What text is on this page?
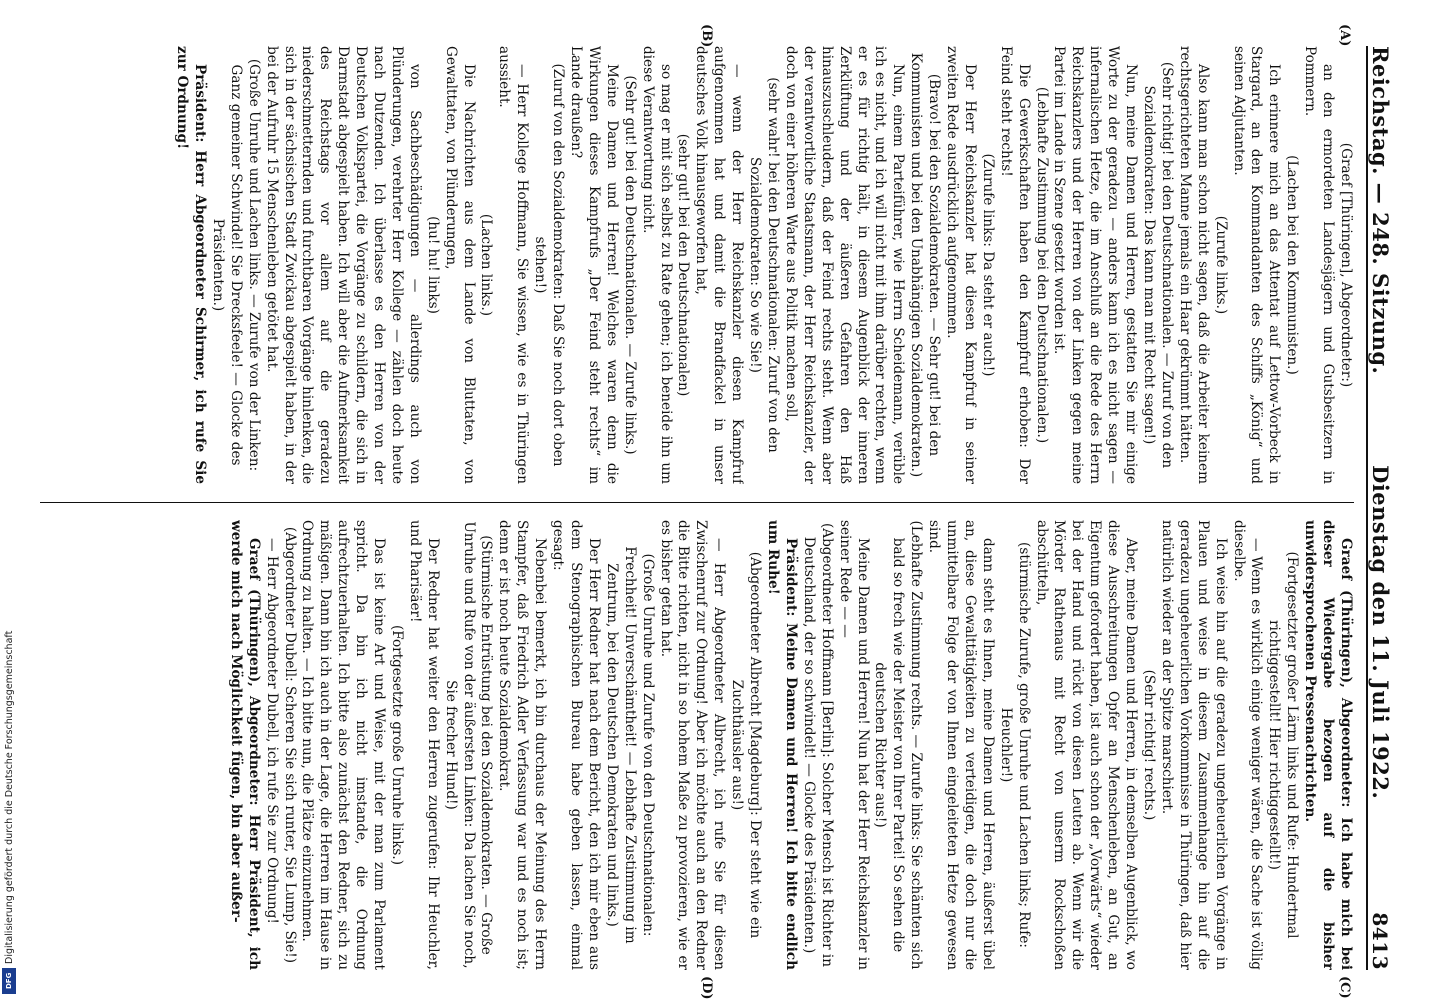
Reichstag. — 248. Sitzung.
Dienstag den 11. Juli 1922.
8413
(A)
(B)
(C)
(D)

(Graef [Thüringen], Abgeordneter:)

an den ermordeten Landesjägern und Gutsbesitzern in Pommern.

(Lachen bei den Kommunisten.)

Ich erinnere mich an das Attentat auf Lettow-Vorbeck in Stargard, an den Kommandanten des Schiffs „König“ und seinen Adjutanten.

(Zurufe links.)

Also kann man schon nicht sagen, daß die Arbeiter keinem rechtsgerichteten Manne jemals ein Haar gekrümmt hätten.

(Sehr richtig! bei den Deutschnationalen. — Zuruf von den Sozialdemokraten: Das kann man mit Recht sagen!)

Nun, meine Damen und Herren, gestatten Sie mir einige Worte zu der geradezu — anders kann ich es nicht sagen — infernalischen Hetze, die im Anschluß an die Rede des Herrn Reichskanzlers und der Herren von der Linken gegen meine Partei im Lande in Szene gesetzt worden ist.

(Lebhafte Zustimmung bei den Deutschnationalen.)

Die Gewerkschaften haben den Kampfruf erhoben: Der Feind steht rechts!

(Zurufe links: Da steht er auch!)

Der Herr Reichskanzler hat diesen Kampfruf in seiner zweiten Rede ausdrücklich aufgenommen.

(Bravo! bei den Sozialdemokraten. — Sehr gut! bei den Kommunisten und bei den Unabhängigen Sozialdemokraten.)

Nun, einem Parteiführer, wie Herrn Scheidemann, verüble ich es nicht, und ich will nicht mit ihm darüber rechten, wenn er es für richtig hält, in diesem Augenblick der inneren Zerklüftung und der äußeren Gefahren den Haß hinauszuschleudern, daß der Feind rechts steht. Wenn aber der verantwortliche Staatsmann, der Herr Reichskanzler, der doch von einer höheren Warte aus Politik machen soll,

(sehr wahr! bei den Deutschnationalen: Zuruf von den Sozialdemokraten: So wie Sie!)

— wenn der Herr Reichskanzler diesen Kampfruf aufgenommen hat und damit die Brandfackel in unser deutsches Volk hinausgeworfen hat,

(sehr gut! bei den Deutschnationalen)

so mag er mit sich selbst zu Rate gehen; ich beneide ihn um diese Verantwortung nicht.

(Sehr gut! bei den Deutschnationalen. — Zurufe links.)

Meine Damen und Herren! Welches waren denn die Wirkungen dieses Kampfrufs „Der Feind steht rechts“ im Lande draußen?

(Zuruf von den Sozialdemokraten: Daß Sie noch dort oben stehen!)

— Herr Kollege Hoffmann, Sie wissen, wie es in Thüringen aussieht.

(Lachen links.)

Die Nachrichten aus dem Lande von Bluttaten, von Gewalttaten, von Plünderungen,

(hu! hu! links)

von Sachbeschädigungen — allerdings auch von Plünderungen, verehrter Herr Kollege — zählen doch heute nach Dutzenden. Ich überlasse es den Herren von der Deutschen Volkspartei, die Vorgänge zu schildern, die sich in Darmstadt abgespielt haben. Ich will aber die Aufmerksamkeit des Reichstags vor allem auf die geradezu niederschmetternden und furchtbaren Vorgänge hinlenken, die sich in der sächsischen Stadt Zwickau abgespielt haben, in der bei der Aufruhr 15 Menschenleben getötet hat.

(Große Unruhe und Lachen links. — Zurufe von der Linken: Ganz gemeiner Schwindel! Sie Drecksfeele! — Glocke des Präsidenten.)

Präsident: Herr Abgeordneter Schirmer, ich rufe Sie zur Ordnung!

Graef (Thüringen), Abgeordneter: Ich habe mich bei dieser Wiedergabe bezogen auf die bisher unwidersprochenen Pressenachrichten.

(Fortgesetzter großer Lärm links und Rufe: Hundertmal richtiggestellt! Hier richtiggestellt!)

— Wenn es wirklich einige weniger wären, die Sache ist völlig dieselbe.

Ich weise hin auf die geradezu ungeheuerlichen Vorgänge in Plauen und weise in diesem Zusammenhange hin auf die geradezu ungeheuerlichen Vorkommnisse in Thüringen, daß hier natürlich wieder an der Spitze marschiert.

(Sehr richtig! rechts.)

Aber, meine Damen und Herren, in demselben Augenblick, wo diese Ausschreitungen Opfer an Menschenleben, an Gut, an Eigentum gefordert haben, ist auch schon der „Vorwärts“ wieder bei der Hand und rückt von diesen Leuten ab. Wenn wir die Mörder Rathenaus mit Recht von unserm Rockschoßen abschütteln,

(stürmische Zurufe, große Unruhe und Lachen links; Rufe: Heuchler!)

dann steht es Ihnen, meine Damen und Herren, äußerst übel an, diese Gewalttätigkeiten zu verteidigen, die doch nur die unmittelbare Folge der von Ihnen eingeleiteten Hetze gewesen sind.

(Lebhafte Zustimmung rechts. — Zurufe links: Sie schämten sich bald so frech wie der Meister von Ihrer Partei! So sehen die deutschen Richter aus!)

Meine Damen und Herren! Nun hat der Herr Reichskanzler in seiner Rede — —

(Abgeordneter Hoffmann [Berlin]: Solcher Mensch ist Richter in Deutschland, der so schwindelt! — Glocke des Präsidenten.)

Präsident: Meine Damen und Herren! Ich bitte endlich um Ruhe!

(Abgeordneter Albrecht [Magdeburg]: Der steht wie ein Zuchthäusler aus!)

— Herr Abgeordneter Albrecht, ich rufe Sie für diesen Zwischenruf zur Ordnung! Aber ich möchte auch an den Redner die Bitte richten, nicht in so hohem Maße zu provozieren, wie er es bisher getan hat.

(Große Unruhe und Zurufe von den Deutschnationalen: Frechheit! Unverschämtheit! — Lebhafte Zustimmung im Zentrum, bei den Deutschen Demokraten und links.)

Der Herr Redner hat nach dem Bericht, den ich mir eben aus dem Stenographischen Bureau habe geben lassen, einmal gesagt:

Nebenbei bemerkt, ich bin durchaus der Meinung des Herrn Stampfer, daß Friedrich Adler Verfassung war und es noch ist; denn er ist noch heute Sozialdemokrat.

(Stürmische Entrüstung bei den Sozialdemokraten. — Große Unruhe und Rufe von der äußersten Linken: Da lachen Sie noch, Sie frecher Hund!)

Der Redner hat weiter den Herren zugerufen: Ihr Heuchler, und Pharisäer!

(Fortgesetzte große Unruhe links.)

Das ist keine Art und Weise, mit der man zum Parlament spricht. Da bin ich nicht imstande, die Ordnung aufrechtzuerhalten. Ich bitte also zunächst den Redner, sich zu mäßigen. Dann bin ich auch in der Lage, die Herren im Hause in Ordnung zu halten. — Ich bitte nun, die Plätze einzunehmen.

(Abgeordneter Dubell: Scheren Sie sich runter, Sie Lump, Sie!)

— Herr Abgeordneter Dubell, ich rufe Sie zur Ordnung!

Graef (Thüringen), Abgeordneter: Herr Präsident, ich werde mich nach Möglichkeit fügen, bin aber außer-

Digitalisierung gefördert durch die Deutsche Forschungsgemeinschaft
DFG
